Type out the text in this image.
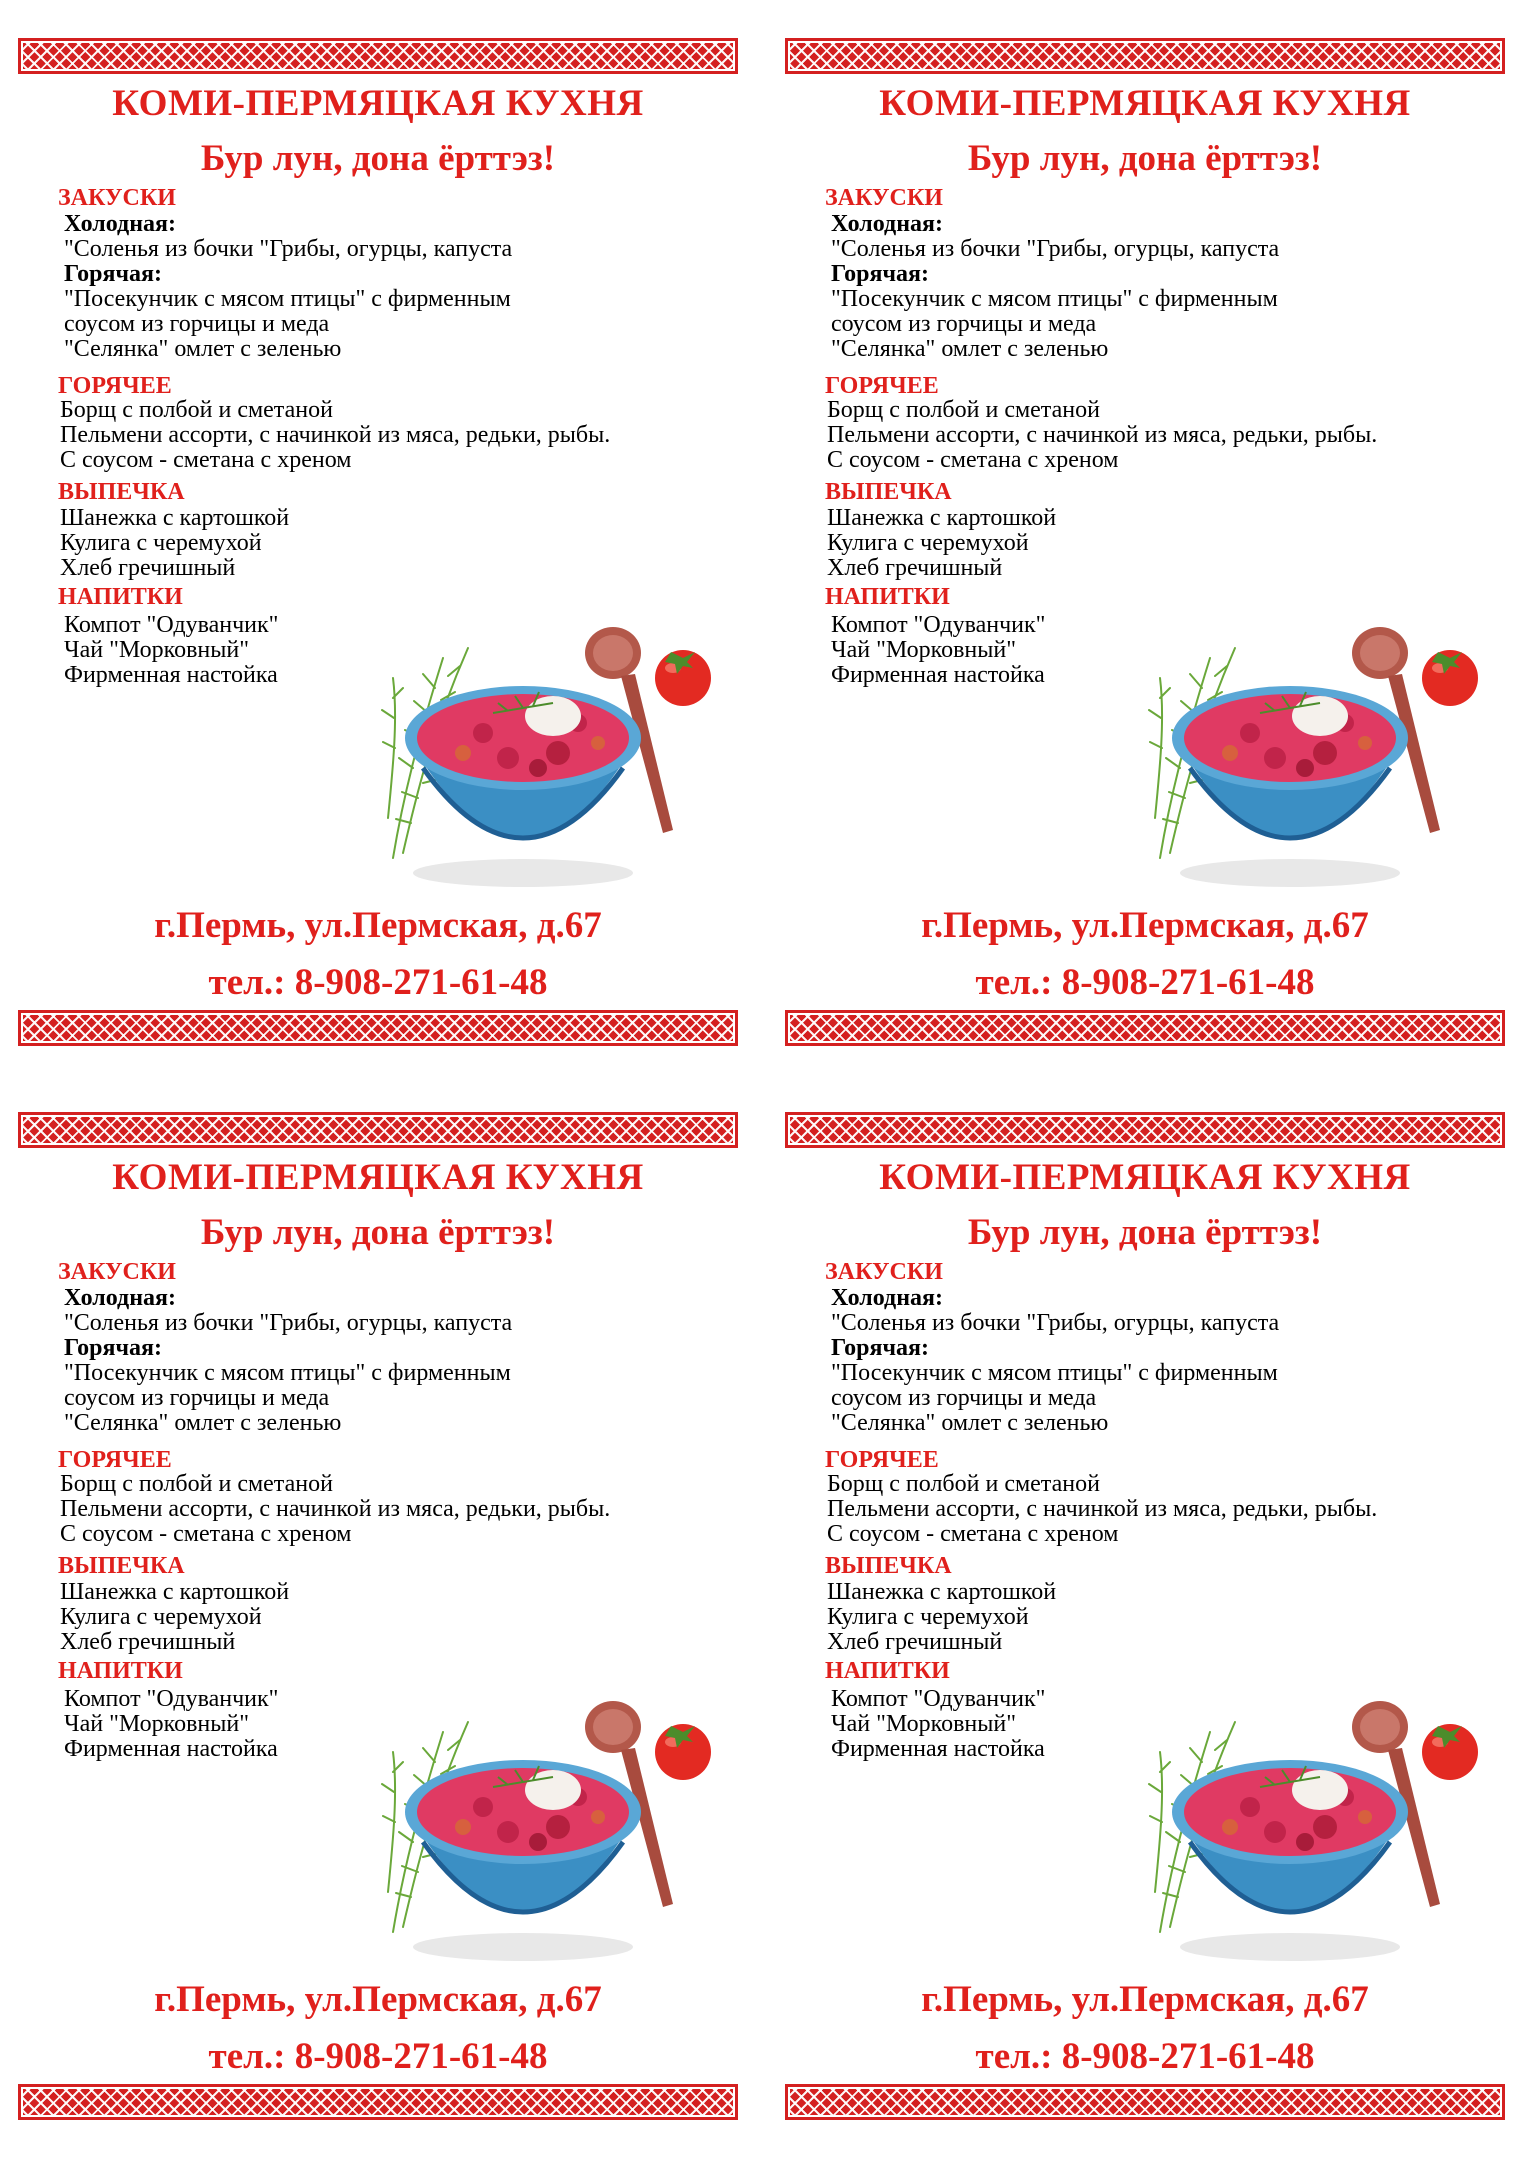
КОМИ-ПЕРМЯЦКАЯ КУХНЯ
Бур лун, дона ёрттэз!
ЗАКУСКИ
Холодная:
"Соленья из бочки "Грибы, огурцы, капуста
Горячая:
"Посекунчик с мясом птицы" с фирменным
соусом из горчицы и меда
"Селянка" омлет с зеленью
ГОРЯЧЕЕ
Борщ с полбой и сметаной
Пельмени ассорти, с начинкой из мяса, редьки, рыбы.
С соусом - сметана с хреном
ВЫПЕЧКА
Шанежка с картошкой
Кулига с черемухой
Хлеб гречишный
НАПИТКИ
Компот "Одуванчик"
Чай "Морковный"
Фирменная настойка
г.Пермь, ул.Пермская, д.67
тел.: 8-908-271-61-48
КОМИ-ПЕРМЯЦКАЯ КУХНЯ
Бур лун, дона ёрттэз!
ЗАКУСКИ
Холодная:
"Соленья из бочки "Грибы, огурцы, капуста
Горячая:
"Посекунчик с мясом птицы" с фирменным
соусом из горчицы и меда
"Селянка" омлет с зеленью
ГОРЯЧЕЕ
Борщ с полбой и сметаной
Пельмени ассорти, с начинкой из мяса, редьки, рыбы.
С соусом - сметана с хреном
ВЫПЕЧКА
Шанежка с картошкой
Кулига с черемухой
Хлеб гречишный
НАПИТКИ
Компот "Одуванчик"
Чай "Морковный"
Фирменная настойка
г.Пермь, ул.Пермская, д.67
тел.: 8-908-271-61-48
КОМИ-ПЕРМЯЦКАЯ КУХНЯ
Бур лун, дона ёрттэз!
ЗАКУСКИ
Холодная:
"Соленья из бочки "Грибы, огурцы, капуста
Горячая:
"Посекунчик с мясом птицы" с фирменным
соусом из горчицы и меда
"Селянка" омлет с зеленью
ГОРЯЧЕЕ
Борщ с полбой и сметаной
Пельмени ассорти, с начинкой из мяса, редьки, рыбы.
С соусом - сметана с хреном
ВЫПЕЧКА
Шанежка с картошкой
Кулига с черемухой
Хлеб гречишный
НАПИТКИ
Компот "Одуванчик"
Чай "Морковный"
Фирменная настойка
г.Пермь, ул.Пермская, д.67
тел.: 8-908-271-61-48
КОМИ-ПЕРМЯЦКАЯ КУХНЯ
Бур лун, дона ёрттэз!
ЗАКУСКИ
Холодная:
"Соленья из бочки "Грибы, огурцы, капуста
Горячая:
"Посекунчик с мясом птицы" с фирменным
соусом из горчицы и меда
"Селянка" омлет с зеленью
ГОРЯЧЕЕ
Борщ с полбой и сметаной
Пельмени ассорти, с начинкой из мяса, редьки, рыбы.
С соусом - сметана с хреном
ВЫПЕЧКА
Шанежка с картошкой
Кулига с черемухой
Хлеб гречишный
НАПИТКИ
Компот "Одуванчик"
Чай "Морковный"
Фирменная настойка
г.Пермь, ул.Пермская, д.67
тел.: 8-908-271-61-48
